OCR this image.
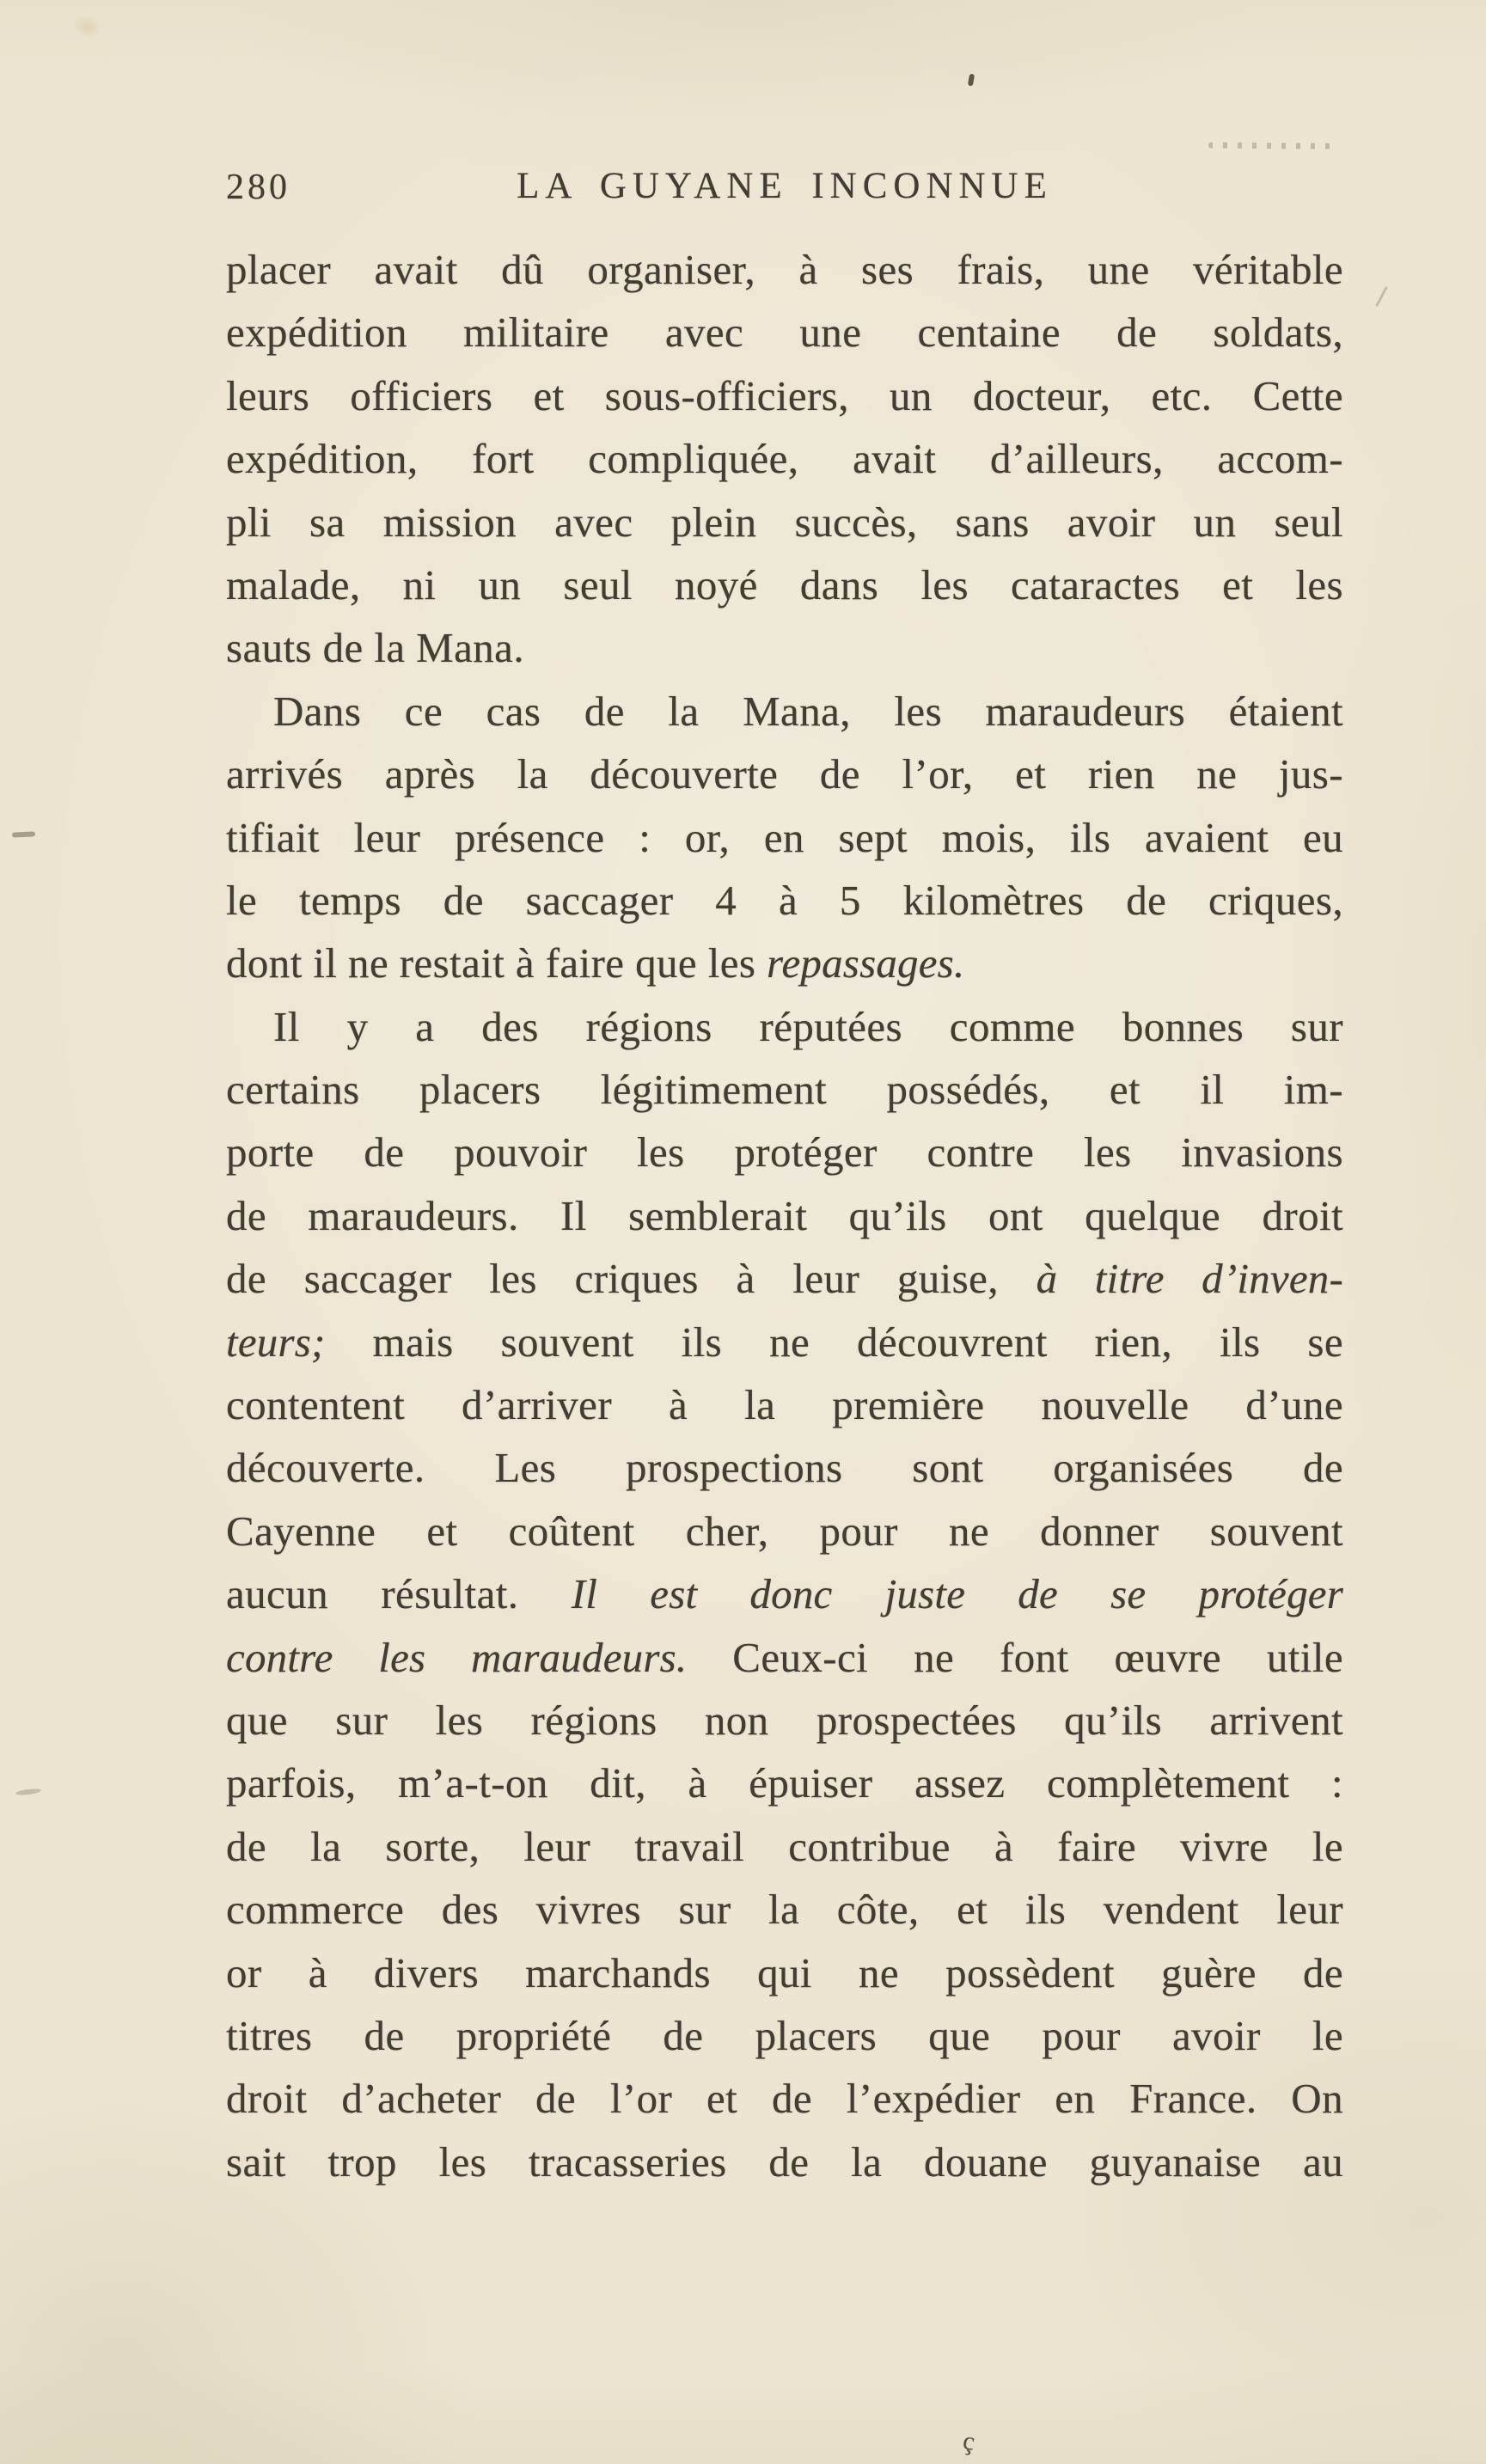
280	LA GUYANE INCONNUE
placer avait dû organiser, à ses frais, une véritable
expédition militaire avec une centaine de soldats,
leurs officiers et sous-officiers, un docteur, etc. Cette
expédition, fort compliquée, avait d’ailleurs, accom-
pli sa mission avec plein succès, sans avoir un seul
malade, ni un seul noyé dans les cataractes et les
sauts de la Mana.
Dans ce cas de la Mana, les maraudeurs étaient
arrivés après la découverte de l’or, et rien ne jus-
tifiait leur présence : or, en sept mois, ils avaient eu
le temps de saccager 4 à 5 kilomètres de criques,
dont il ne restait à faire que les repassages.
Il y a des régions réputées comme bonnes sur
certains placers légitimement possédés, et il im-
porte de pouvoir les protéger contre les invasions
de maraudeurs. Il semblerait qu’ils ont quelque droit
de saccager les criques à leur guise, à titre d’inven-
teurs; mais souvent ils ne découvrent rien, ils se
contentent d’arriver à la première nouvelle d’une
découverte. Les prospections sont organisées de
Cayenne et coûtent cher, pour ne donner souvent
aucun résultat. Il est donc juste de se protéger
contre les maraudeurs. Ceux-ci ne font œuvre utile
que sur les régions non prospectées qu’ils arrivent
parfois, m’a-t-on dit, à épuiser assez complètement :
de la sorte, leur travail contribue à faire vivre le
commerce des vivres sur la côte, et ils vendent leur
or à divers marchands qui ne possèdent guère de
titres de propriété de placers que pour avoir le
droit d’acheter de l’or et de l’expédier en France. On
sait trop les tracasseries de la douane guyanaise au
ç
